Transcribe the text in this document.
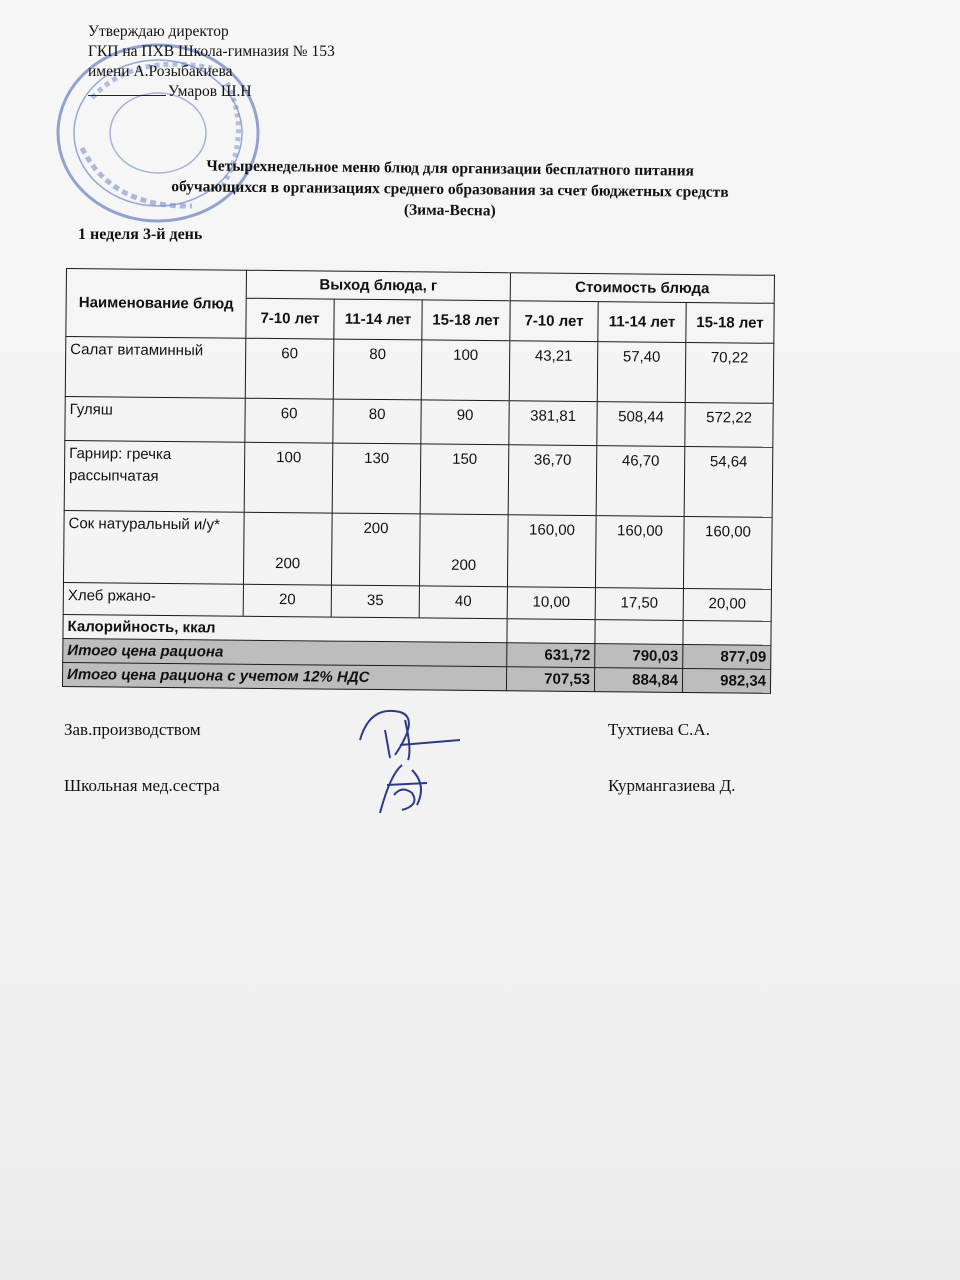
Утверждаю директор
ГКП на ПХВ Школа-гимназия № 153
имени А.Розыбакиева
Умаров Ш.Н
Четырехнедельное меню блюд для организации бесплатного питания
обучающихся в организациях среднего образования за счет бюджетных средств
(Зима-Весна)
1 неделя 3-й день
Наименование блюд	Выход блюда, г			Стоимость блюда		
	7-10 лет	11-14 лет	15-18 лет	7-10 лет	11-14 лет	15-18 лет
Салат витаминный	60	80	100	43,21	57,40	70,22
Гуляш	60	80	90	381,81	508,44	572,22
Гарнир: гречка рассыпчатая	100	130	150	36,70	46,70	54,64
Сок натуральный и/у*	200	200	200	160,00	160,00	160,00
Хлеб ржано-	20	35	40	10,00	17,50	20,00
Калорийность, ккал						
Итого цена рациона				631,72	790,03	877,09
Итого цена рациона с учетом 12% НДС				707,53	884,84	982,34
Зав.производством	Тухтиева С.А.
Школьная мед.сестра	Курмангазиева Д.
